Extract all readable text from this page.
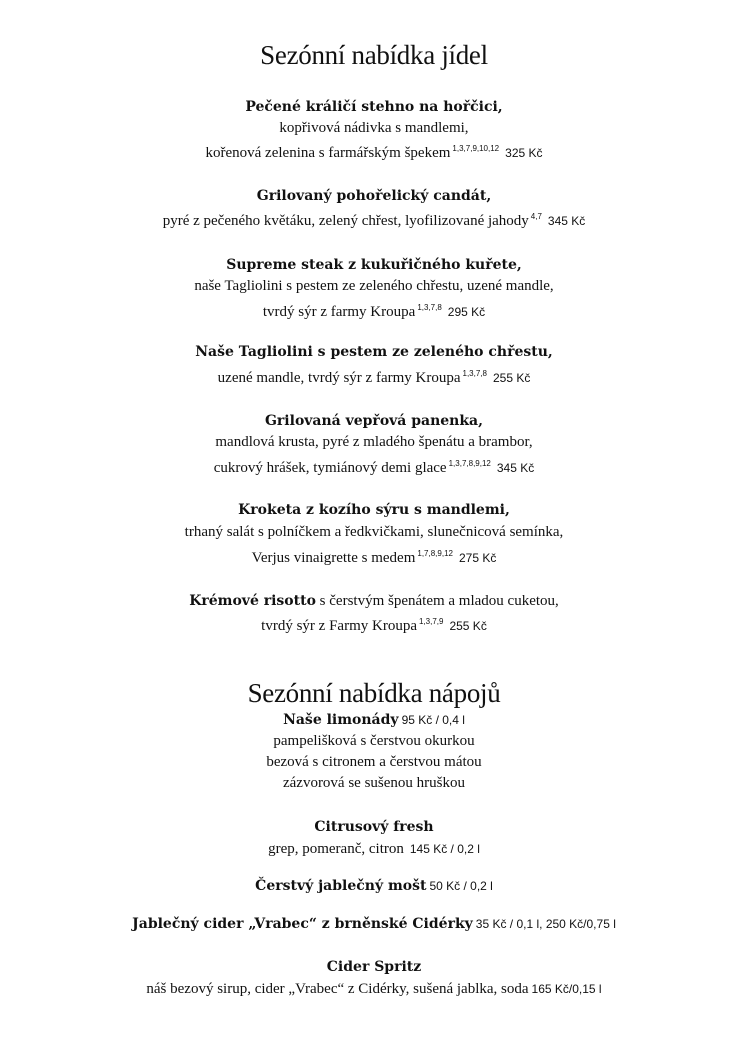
Sezónní nabídka jídel
Pečené králičí stehno na hořčici,
kopřivová nádivka s mandlemi,
kořenová zelenina s farmářským špekem $^{1,3,7,9,10,12}$ 325 Kč
Grilovaný pohořelický candát,
pyré z pečeného květáku, zelený chřest, lyofilizované jahody $^{4,7}$ 345 Kč
Supreme steak z kukuřičného kuřete,
naše Tagliolini s pestem ze zeleného chřestu, uzené mandle,
tvrdý sýr z farmy Kroupa $^{1,3,7,8}$ 295 Kč
Naše Tagliolini s pestem ze zeleného chřestu,
uzené mandle, tvrdý sýr z farmy Kroupa $^{1,3,7,8}$ 255 Kč
Grilovaná vepřová panenka,
mandlová krusta, pyré z mladého špenátu a brambor,
cukrový hrášek, tymiánový demi glace $^{1,3,7,8,9,12}$ 345 Kč
Kroketa z kozího sýru s mandlemi,
trhaný salát s polníčkem a ředkvičkami, slunečnicová semínka,
Verjus vinaigrette s medem $^{1,7,8,9,12}$ 275 Kč
Krémové risotto s čerstvým špenátem a mladou cuketou,
tvrdý sýr z Farmy Kroupa $^{1,3,7,9}$ 255 Kč
Sezónní nabídka nápojů
Naše limonády 95 Kč / 0,4 l
pampelišková s čerstvou okurkou
bezová s citronem a čerstvou mátou
zázvorová se sušenou hruškou
Citrusový fresh
grep, pomeranč, citron 145 Kč / 0,2 l
Čerstvý jablečný mošt 50 Kč / 0,2 l
Jablečný cider „Vrabec“ z brněnské Cidérky 35 Kč / 0,1 l, 250 Kč/0,75 l
Cider Spritz
náš bezový sirup, cider „Vrabec“ z Cidérky, sušená jablka, soda 165 Kč/0,15 l
